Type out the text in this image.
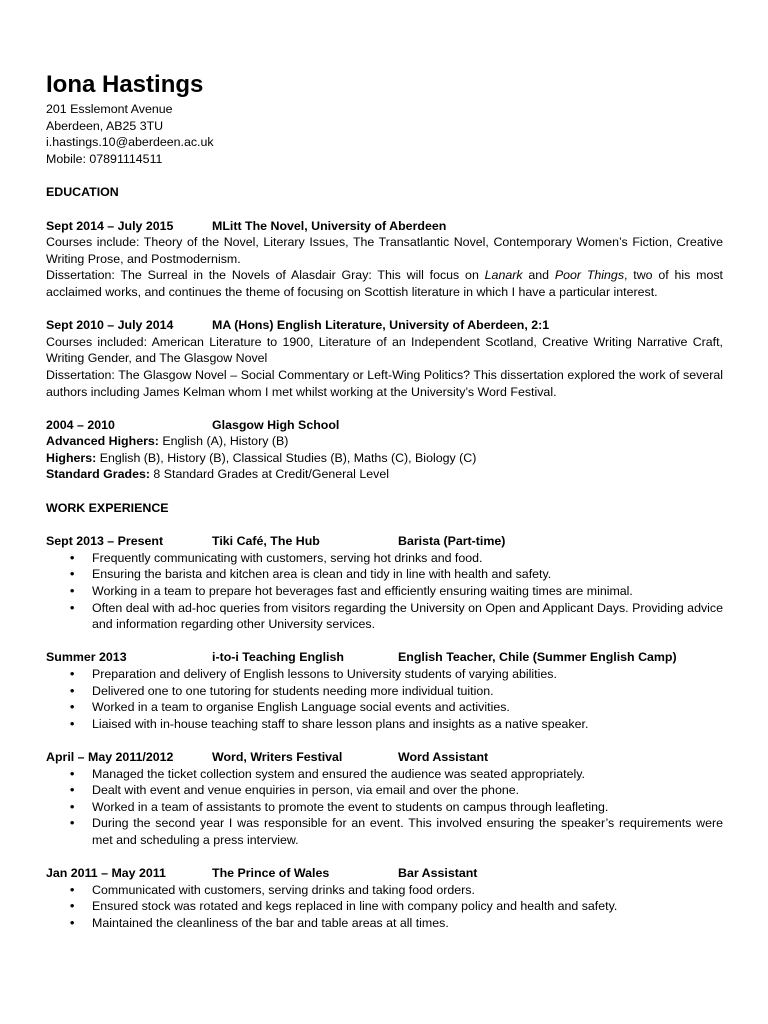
Iona Hastings
201 Esslemont Avenue
Aberdeen, AB25 3TU
i.hastings.10@aberdeen.ac.uk
Mobile: 07891114511
EDUCATION
Sept 2014 – July 2015	MLitt The Novel, University of Aberdeen
Courses include: Theory of the Novel, Literary Issues, The Transatlantic Novel, Contemporary Women’s Fiction, Creative Writing Prose, and Postmodernism.
Dissertation: The Surreal in the Novels of Alasdair Gray: This will focus on Lanark and Poor Things, two of his most acclaimed works, and continues the theme of focusing on Scottish literature in which I have a particular interest.
Sept 2010 – July 2014	MA (Hons) English Literature, University of Aberdeen, 2:1
Courses included: American Literature to 1900, Literature of an Independent Scotland, Creative Writing Narrative Craft, Writing Gender, and The Glasgow Novel
Dissertation: The Glasgow Novel – Social Commentary or Left-Wing Politics? This dissertation explored the work of several authors including James Kelman whom I met whilst working at the University’s Word Festival.
2004 – 2010	Glasgow High School
Advanced Highers: English (A), History (B)
Highers: English (B), History (B), Classical Studies (B), Maths (C), Biology (C)
Standard Grades: 8 Standard Grades at Credit/General Level
WORK EXPERIENCE
Sept 2013 – Present	Tiki Café, The Hub	Barista (Part-time)
• Frequently communicating with customers, serving hot drinks and food.
• Ensuring the barista and kitchen area is clean and tidy in line with health and safety.
• Working in a team to prepare hot beverages fast and efficiently ensuring waiting times are minimal.
• Often deal with ad-hoc queries from visitors regarding the University on Open and Applicant Days. Providing advice and information regarding other University services.
Summer 2013	i-to-i Teaching English	English Teacher, Chile (Summer English Camp)
• Preparation and delivery of English lessons to University students of varying abilities.
• Delivered one to one tutoring for students needing more individual tuition.
• Worked in a team to organise English Language social events and activities.
• Liaised with in-house teaching staff to share lesson plans and insights as a native speaker.
April – May 2011/2012	Word, Writers Festival	Word Assistant
• Managed the ticket collection system and ensured the audience was seated appropriately.
• Dealt with event and venue enquiries in person, via email and over the phone.
• Worked in a team of assistants to promote the event to students on campus through leafleting.
• During the second year I was responsible for an event. This involved ensuring the speaker’s requirements were met and scheduling a press interview.
Jan 2011 – May 2011	The Prince of Wales	Bar Assistant
• Communicated with customers, serving drinks and taking food orders.
• Ensured stock was rotated and kegs replaced in line with company policy and health and safety.
• Maintained the cleanliness of the bar and table areas at all times.
